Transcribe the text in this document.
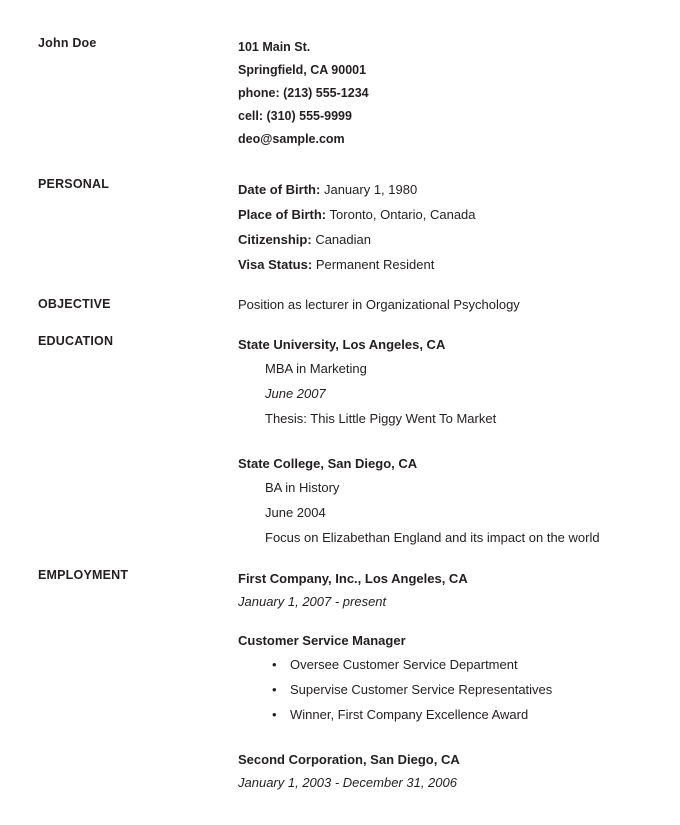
John Doe	101 Main St.
Springfield, CA 90001
phone: (213) 555-1234
cell: (310) 555-9999
deo@sample.com
PERSONAL	Date of Birth: January 1, 1980
Place of Birth: Toronto, Ontario, Canada
Citizenship: Canadian
Visa Status: Permanent Resident
OBJECTIVE	Position as lecturer in Organizational Psychology
EDUCATION	State University, Los Angeles, CA
MBA in Marketing
June 2007
Thesis: This Little Piggy Went To Market
State College, San Diego, CA
BA in History
June 2004
Focus on Elizabethan England and its impact on the world
EMPLOYMENT	First Company, Inc., Los Angeles, CA
January 1, 2007 - present
Customer Service Manager
• Oversee Customer Service Department
• Supervise Customer Service Representatives
• Winner, First Company Excellence Award
Second Corporation, San Diego, CA
January 1, 2003 - December 31, 2006
